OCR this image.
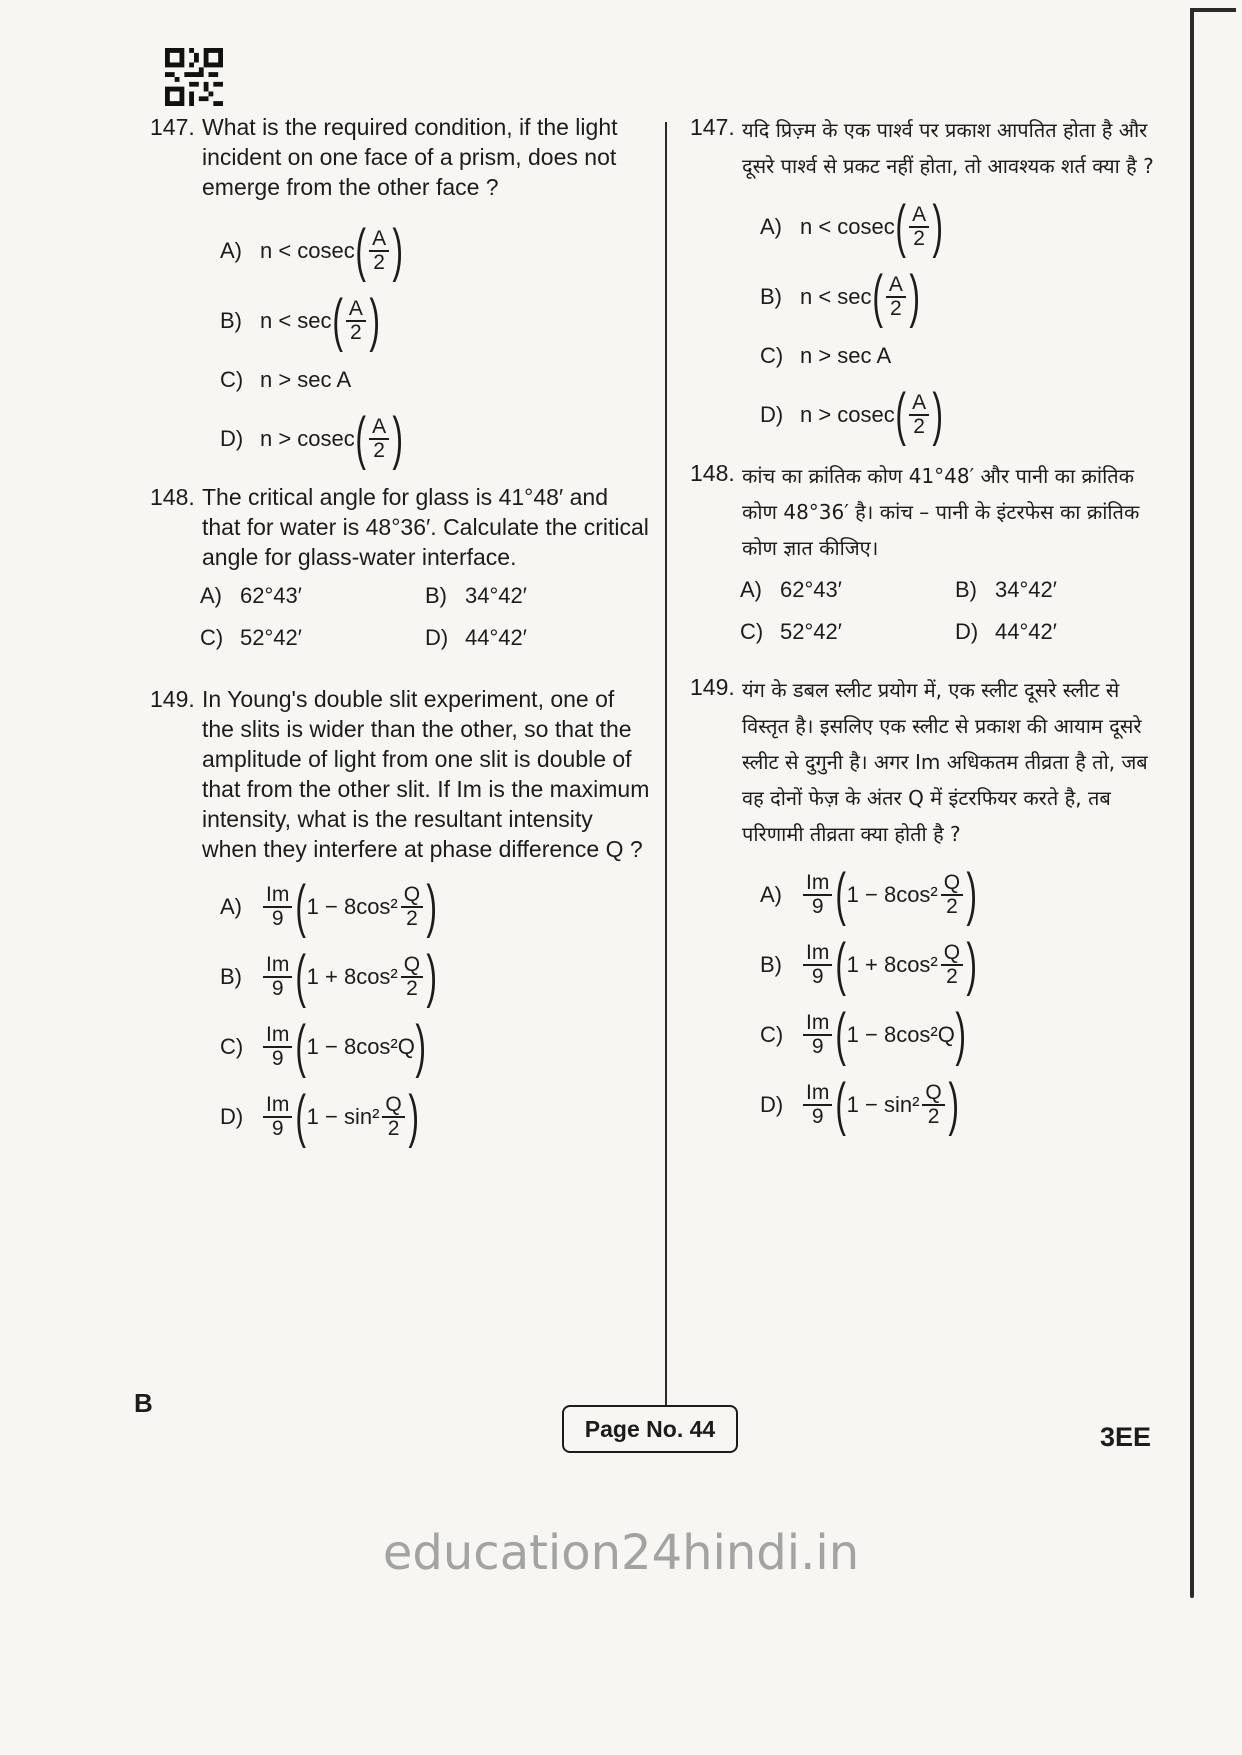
147. What is the required condition, if the light incident on one face of a prism, does not emerge from the other face ?

A) n < cosec ( $\frac{A}{2}$ )
B) n < sec ( $\frac{A}{2}$ )
C) n > sec A
D) n > cosec ( $\frac{A}{2}$ )
148. The critical angle for glass is 41°48′ and that for water is 48°36′. Calculate the critical angle for glass-water interface.

A) 62°43′	B) 34°42′
C) 52°42′	D) 44°42′
149. In Young's double slit experiment, one of the slits is wider than the other, so that the amplitude of light from one slit is double of that from the other slit. If Im is the maximum intensity, what is the resultant intensity when they interfere at phase difference Q ?

A)	$\frac{Im}{9}$ ( $1 - 8\cos^2 \frac{Q}{2}$ )
B)	$\frac{Im}{9}$ ( $1 + 8\cos^2 \frac{Q}{2}$ )
$C) \frac{Im}{9}$ ( 1 − 8cos²Q )
$D) \frac{Im}{9}$ ( $1 - \sin^2 \frac{Q}{2}$ )
147. यदि प्रिज़्म के एक पार्श्व पर प्रकाश आपतित होता है और दूसरे पार्श्व से प्रकट नहीं होता, तो आवश्यक शर्त क्या है ?

A) n < cosec ( $\frac{A}{2}$ )
B) n < sec ( $\frac{A}{2}$ )
C) n > sec A
D) n > cosec ( $\frac{A}{2}$ )
148. कांच का क्रांतिक कोण 41°48′ और पानी का क्रांतिक कोण 48°36′ है। कांच – पानी के इंटरफेस का क्रांतिक कोण ज्ञात कीजिए।

A) 62°43′	B) 34°42′
C) 52°42′	D) 44°42′
149. यंग के डबल स्लीट प्रयोग में, एक स्लीट दूसरे स्लीट से विस्तृत है। इसलिए एक स्लीट से प्रकाश की आयाम दूसरे स्लीट से दुगुनी है। अगर Im अधिकतम तीव्रता है तो, जब वह दोनों फेज़ के अंतर Q में इंटरफियर करते है, तब परिणामी तीव्रता क्या होती है ?

A)	$\frac{Im}{9}$ ( $1 - 8\cos^2 \frac{Q}{2}$ )
B)	$\frac{Im}{9}$ ( $1 + 8\cos^2 \frac{Q}{2}$ )
$C) \frac{Im}{9}$ ( 1 − 8cos²Q )
$D) \frac{Im}{9}$ ( $1 - \sin^2 \frac{Q}{2}$ )
B
Page No. 44	3EE
education24hindi.in
